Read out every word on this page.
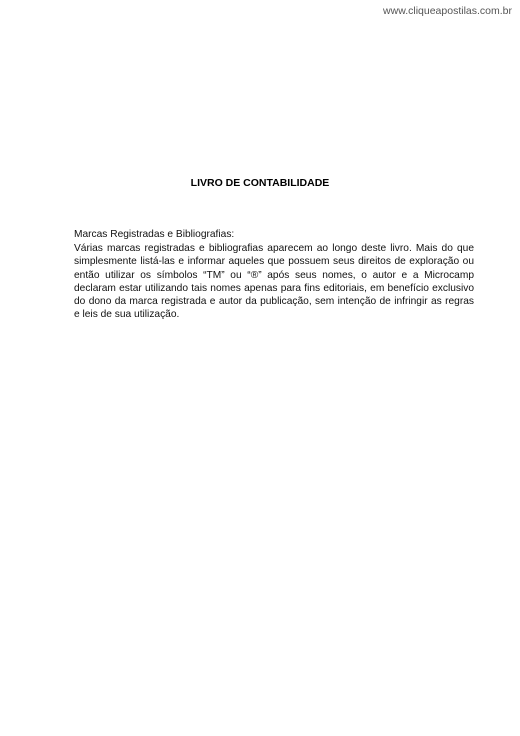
www.cliqueapostilas.com.br
LIVRO DE CONTABILIDADE

Marcas Registradas e Bibliografias:

Várias marcas registradas e bibliografias aparecem ao longo deste livro. Mais do que simplesmente listá-las e informar aqueles que possuem seus direitos de exploração ou então utilizar os símbolos “TM” ou “®” após seus nomes, o autor e a Microcamp declaram estar utilizando tais nomes apenas para fins editoriais, em benefício exclusivo do dono da marca registrada e autor da publicação, sem intenção de infringir as regras e leis de sua utilização.
